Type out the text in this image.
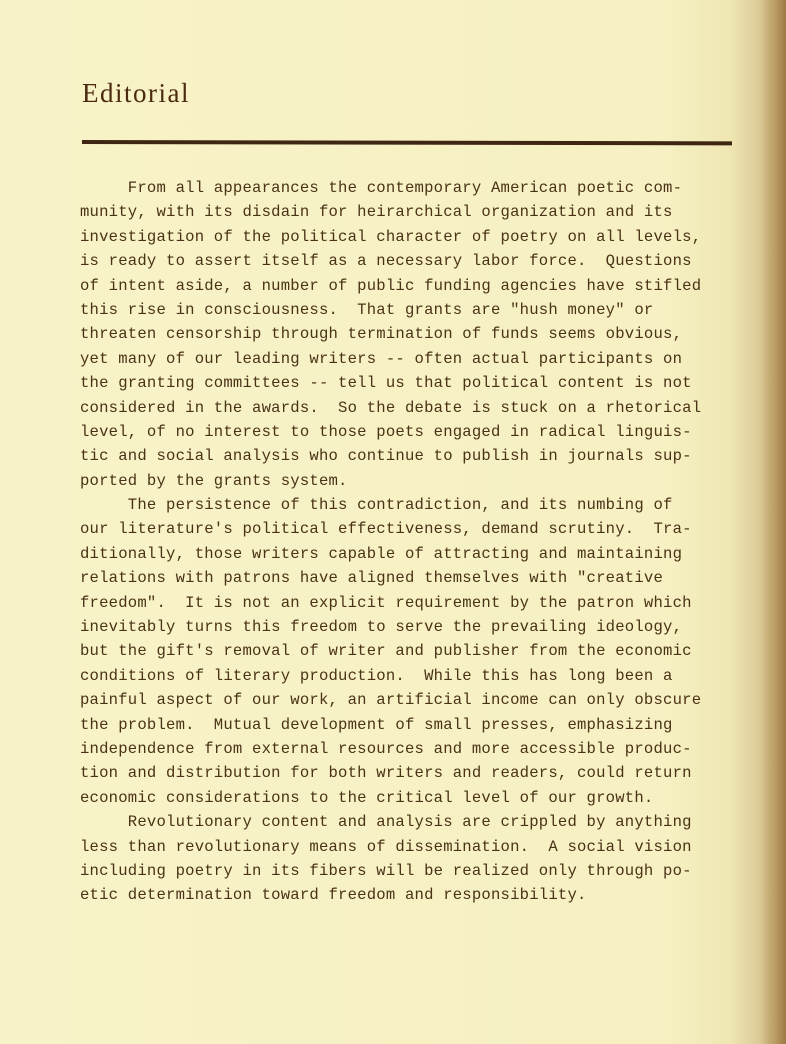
Editorial
From all appearances the contemporary American poetic com-
munity, with its disdain for heirarchical organization and its
investigation of the political character of poetry on all levels,
is ready to assert itself as a necessary labor force.  Questions
of intent aside, a number of public funding agencies have stifled
this rise in consciousness.  That grants are "hush money" or
threaten censorship through termination of funds seems obvious,
yet many of our leading writers -- often actual participants on
the granting committees -- tell us that political content is not
considered in the awards.  So the debate is stuck on a rhetorical
level, of no interest to those poets engaged in radical linguis-
tic and social analysis who continue to publish in journals sup-
ported by the grants system.
The persistence of this contradiction, and its numbing of
our literature's political effectiveness, demand scrutiny.  Tra-
ditionally, those writers capable of attracting and maintaining
relations with patrons have aligned themselves with "creative
freedom".  It is not an explicit requirement by the patron which
inevitably turns this freedom to serve the prevailing ideology,
but the gift's removal of writer and publisher from the economic
conditions of literary production.  While this has long been a
painful aspect of our work, an artificial income can only obscure
the problem.  Mutual development of small presses, emphasizing
independence from external resources and more accessible produc-
tion and distribution for both writers and readers, could return
economic considerations to the critical level of our growth.
Revolutionary content and analysis are crippled by anything
less than revolutionary means of dissemination.  A social vision
including poetry in its fibers will be realized only through po-
etic determination toward freedom and responsibility.
